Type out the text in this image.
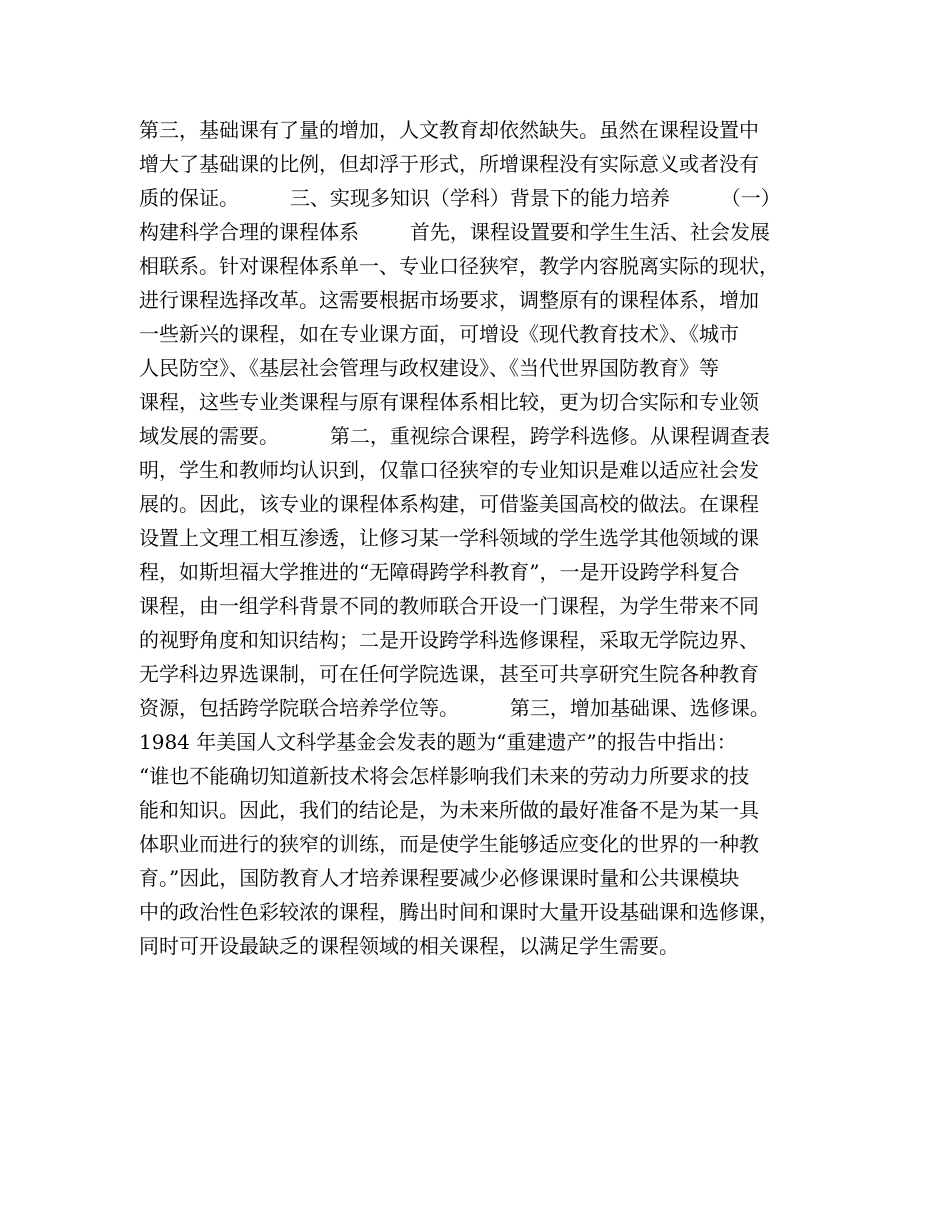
第三，基础课有了量的增加，人文教育却依然缺失。虽然在课程设置中
增大了基础课的比例，但却浮于形式，所增课程没有实际意义或者没有
质的保证。        三、实现多知识（学科）背景下的能力培养        （一）
构建科学合理的课程体系        首先，课程设置要和学生生活、社会发展
相联系。针对课程体系单一、专业口径狭窄，教学内容脱离实际的现状，
进行课程选择改革。这需要根据市场要求，调整原有的课程体系，增加
一些新兴的课程，如在专业课方面，可增设《现代教育技术》、《城市
人民防空》、《基层社会管理与政权建设》、《当代世界国防教育》等
课程，这些专业类课程与原有课程体系相比较，更为切合实际和专业领
域发展的需要。        第二，重视综合课程，跨学科选修。从课程调查表
明，学生和教师均认识到，仅靠口径狭窄的专业知识是难以适应社会发
展的。因此，该专业的课程体系构建，可借鉴美国高校的做法。在课程
设置上文理工相互渗透，让修习某一学科领域的学生选学其他领域的课
程，如斯坦福大学推进的“无障碍跨学科教育”，一是开设跨学科复合
课程，由一组学科背景不同的教师联合开设一门课程，为学生带来不同
的视野角度和知识结构；二是开设跨学科选修课程，采取无学院边界、
无学科边界选课制，可在任何学院选课，甚至可共享研究生院各种教育
资源，包括跨学院联合培养学位等。        第三，增加基础课、选修课。
1984 年美国人文科学基金会发表的题为“重建遗产”的报告中指出：
“谁也不能确切知道新技术将会怎样影响我们未来的劳动力所要求的技
能和知识。因此，我们的结论是，为未来所做的最好准备不是为某一具
体职业而进行的狭窄的训练，而是使学生能够适应变化的世界的一种教
育。”因此，国防教育人才培养课程要减少必修课课时量和公共课模块
中的政治性色彩较浓的课程，腾出时间和课时大量开设基础课和选修课，
同时可开设最缺乏的课程领域的相关课程，以满足学生需要。
